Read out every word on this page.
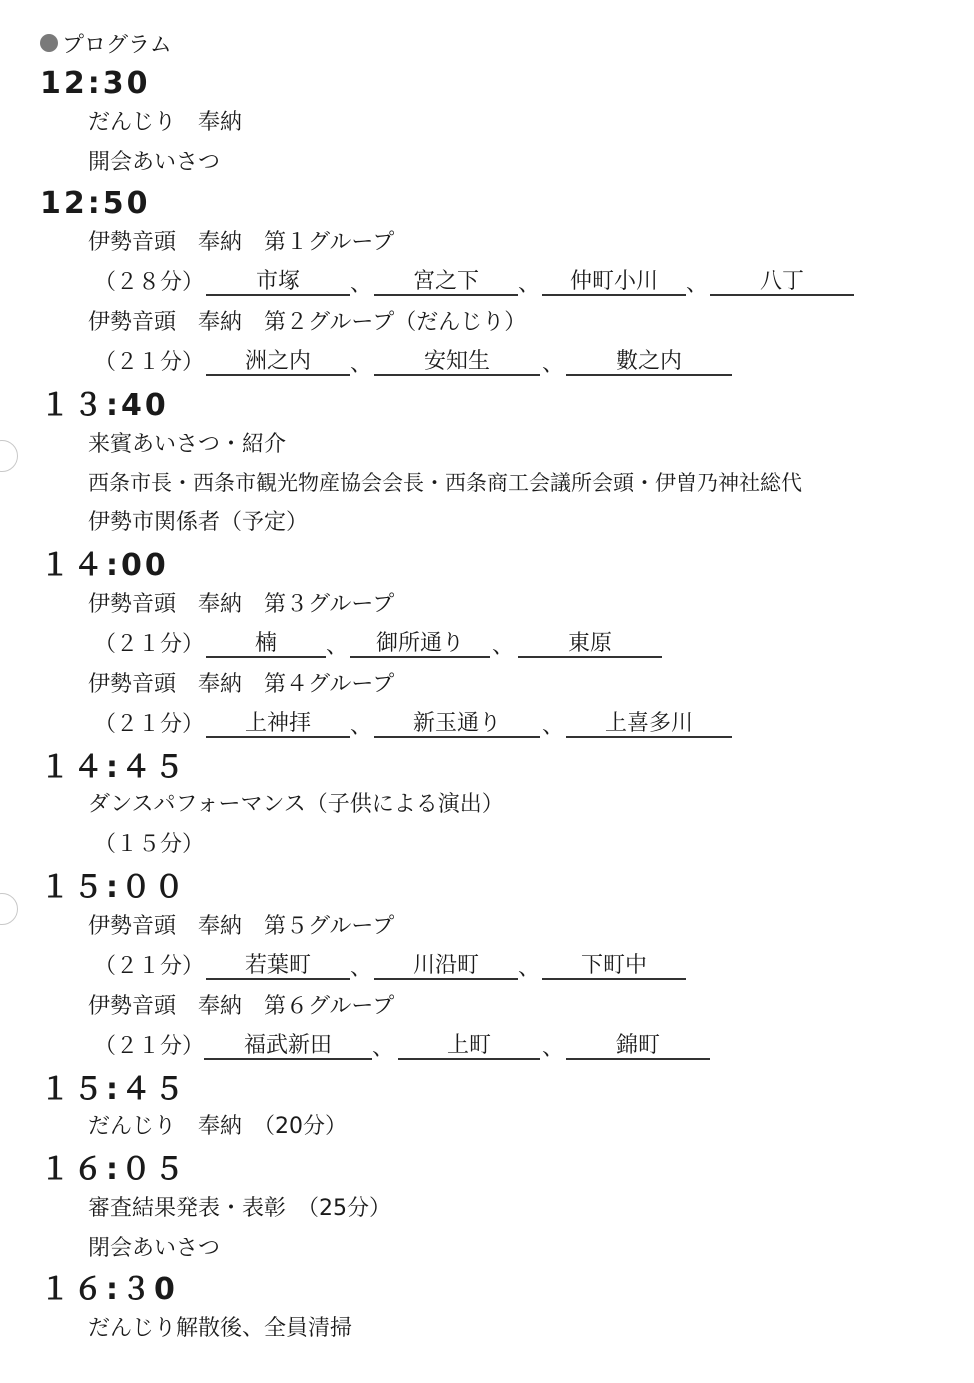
プログラム
12:30
だんじり　奉納
開会あいさつ
12:50
伊勢音頭　奉納　第１グループ
（２８分）	市塚	、	宮之下	、	仲町小川	、	八丁
伊勢音頭　奉納　第２グループ（だんじり）
（２１分）	洲之内	、	安知生	、	數之内
１３:40
来賓あいさつ・紹介
西条市長・西条市観光物産協会会長・西条商工会議所会頭・伊曽乃神社総代
伊勢市関係者（予定）
１４:00
伊勢音頭　奉納　第３グループ
（２１分）	楠	、	御所通り	、	東原
伊勢音頭　奉納　第４グループ
（２１分）	上神拝	、	新玉通り	、	上喜多川
１４:４５
ダンスパフォーマンス（子供による演出）
（１５分）
１５:００
伊勢音頭　奉納　第５グループ
（２１分）	若葉町	、	川沿町	、	下町中
伊勢音頭　奉納　第６グループ
（２１分）	福武新田	、	上町	、	錦町
１５:４５
だんじり　奉納　（20分）
１６:０５
審査結果発表・表彰　（25分）
閉会あいさつ
１６:３0
だんじり解散後、全員清掃
